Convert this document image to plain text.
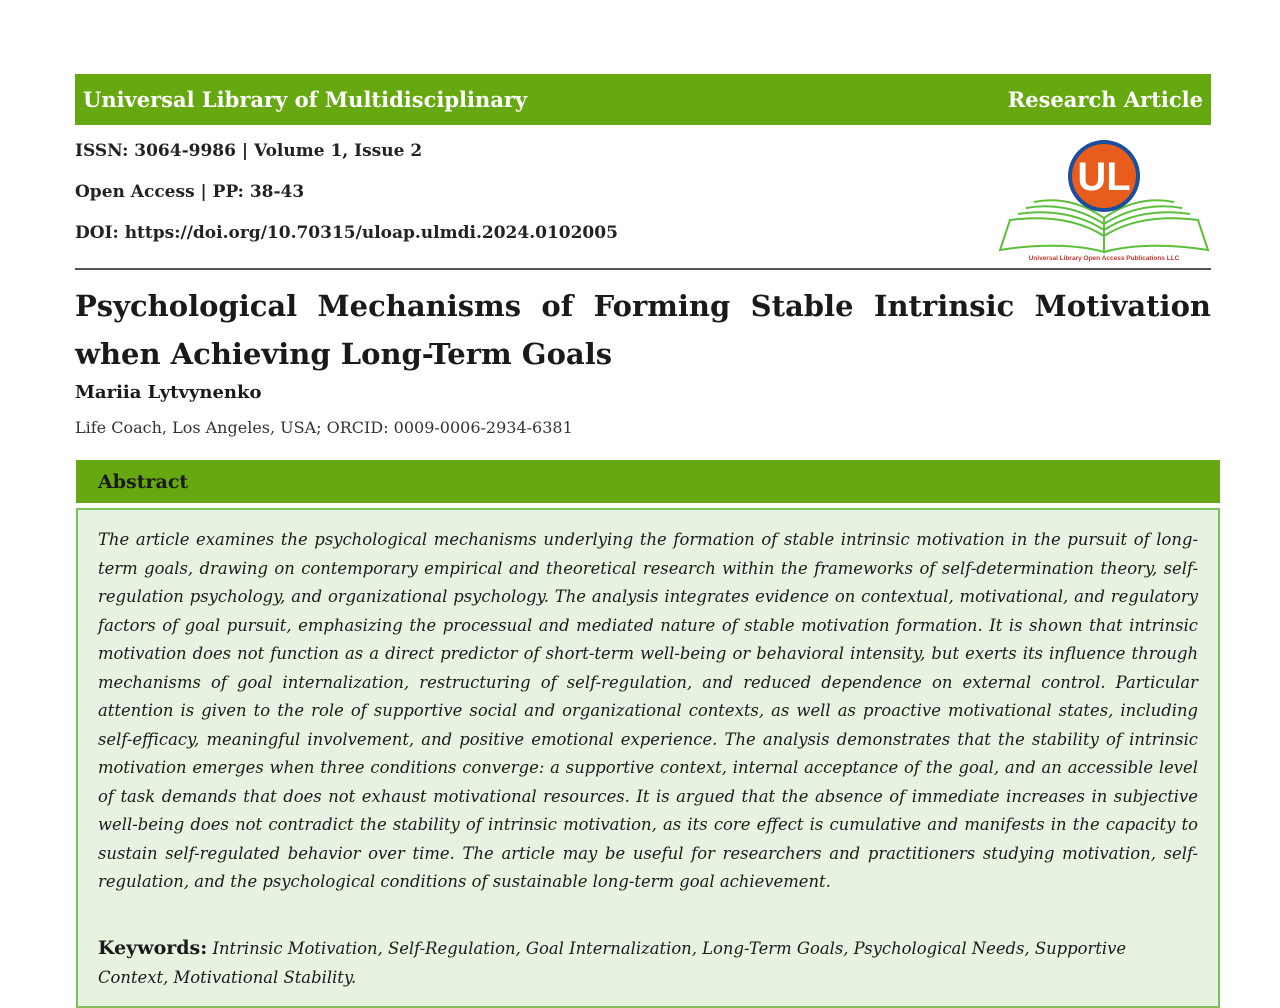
Universal Library of Multidisciplinary	Research Article
ISSN: 3064-9986 | Volume 1, Issue 2
Open Access | PP: 38-43
DOI: https://doi.org/10.70315/uloap.ulmdi.2024.0102005
UL
Universal Library Open Access Publications LLC
Psychological Mechanisms of Forming Stable Intrinsic Motivation when Achieving Long-Term Goals
Mariia Lytvynenko
Life Coach, Los Angeles, USA; ORCID: 0009-0006-2934-6381
Abstract

The article examines the psychological mechanisms underlying the formation of stable intrinsic motivation in the pursuit of long-term goals, drawing on contemporary empirical and theoretical research within the frameworks of self-determination theory, self-regulation psychology, and organizational psychology. The analysis integrates evidence on contextual, motivational, and regulatory factors of goal pursuit, emphasizing the processual and mediated nature of stable motivation formation. It is shown that intrinsic motivation does not function as a direct predictor of short-term well-being or behavioral intensity, but exerts its influence through mechanisms of goal internalization, restructuring of self-regulation, and reduced dependence on external control. Particular attention is given to the role of supportive social and organizational contexts, as well as proactive motivational states, including self-efficacy, meaningful involvement, and positive emotional experience. The analysis demonstrates that the stability of intrinsic motivation emerges when three conditions converge: a supportive context, internal acceptance of the goal, and an accessible level of task demands that does not exhaust motivational resources. It is argued that the absence of immediate increases in subjective well-being does not contradict the stability of intrinsic motivation, as its core effect is cumulative and manifests in the capacity to sustain self-regulated behavior over time. The article may be useful for researchers and practitioners studying motivation, self-regulation, and the psychological conditions of sustainable long-term goal achievement.

Keywords: Intrinsic Motivation, Self-Regulation, Goal Internalization, Long-Term Goals, Psychological Needs, Supportive Context, Motivational Stability.
